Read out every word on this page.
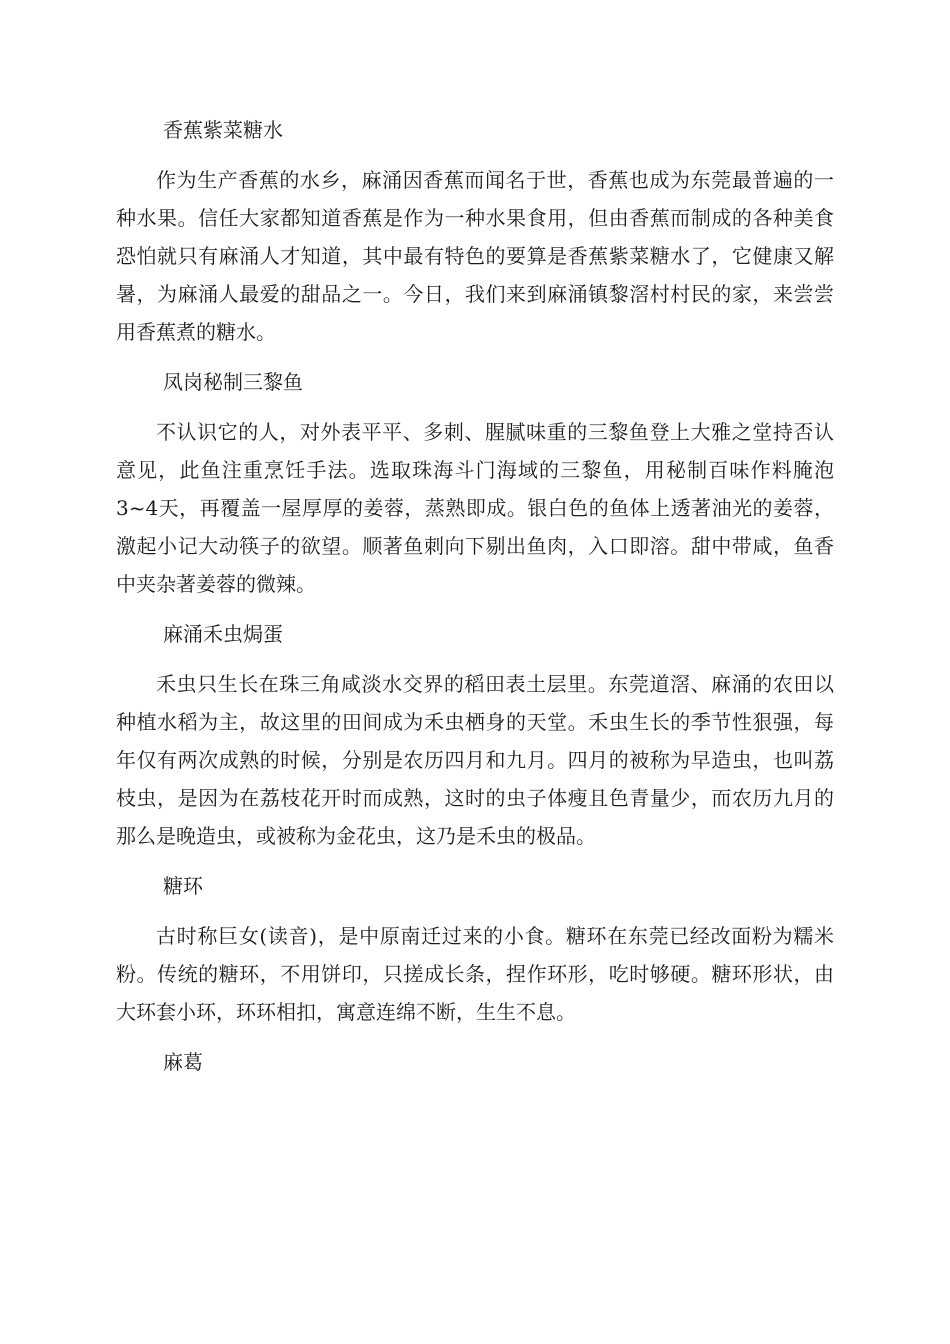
香蕉紫菜糖水

作为生产香蕉的水乡，麻涌因香蕉而闻名于世，香蕉也成为东莞最普遍的一种水果。信任大家都知道香蕉是作为一种水果食用，但由香蕉而制成的各种美食恐怕就只有麻涌人才知道，其中最有特色的要算是香蕉紫菜糖水了，它健康又解暑，为麻涌人最爱的甜品之一。今日，我们来到麻涌镇黎滘村村民的家，来尝尝用香蕉煮的糖水。

凤岗秘制三黎鱼

不认识它的人，对外表平平、多刺、腥腻味重的三黎鱼登上大雅之堂持否认意见，此鱼注重烹饪手法。选取珠海斗门海域的三黎鱼，用秘制百味作料腌泡3~4天，再覆盖一屋厚厚的姜蓉，蒸熟即成。银白色的鱼体上透著油光的姜蓉，激起小记大动筷子的欲望。顺著鱼刺向下剔出鱼肉，入口即溶。甜中带咸，鱼香中夹杂著姜蓉的微辣。

麻涌禾虫焗蛋

禾虫只生长在珠三角咸淡水交界的稻田表土层里。东莞道滘、麻涌的农田以种植水稻为主，故这里的田间成为禾虫栖身的天堂。禾虫生长的季节性狠强，每年仅有两次成熟的时候，分别是农历四月和九月。四月的被称为早造虫，也叫荔枝虫，是因为在荔枝花开时而成熟，这时的虫子体瘦且色青量少，而农历九月的那么是晚造虫，或被称为金花虫，这乃是禾虫的极品。

糖环

古时称巨女(读音)，是中原南迁过来的小食。糖环在东莞已经改面粉为糯米粉。传统的糖环，不用饼印，只搓成长条，捏作环形，吃时够硬。糖环形状，由大环套小环，环环相扣，寓意连绵不断，生生不息。

麻葛
